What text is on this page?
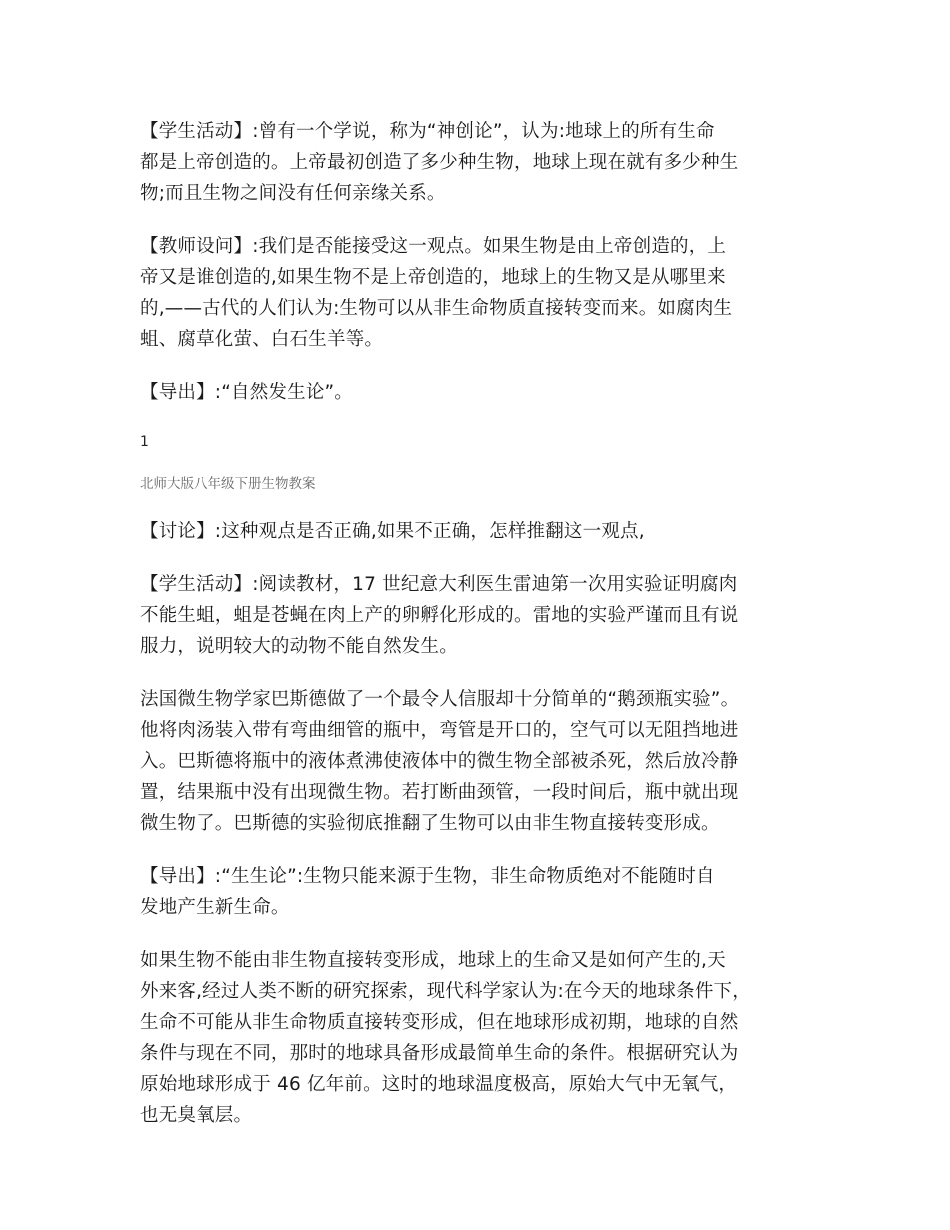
【学生活动】:曾有一个学说，称为“神创论”，认为:地球上的所有生命
都是上帝创造的。上帝最初创造了多少种生物，地球上现在就有多少种生
物;而且生物之间没有任何亲缘关系。

【教师设问】:我们是否能接受这一观点。如果生物是由上帝创造的，上
帝又是谁创造的,如果生物不是上帝创造的，地球上的生物又是从哪里来
的,——古代的人们认为:生物可以从非生命物质直接转变而来。如腐肉生
蛆、腐草化萤、白石生羊等。

【导出】:“自然发生论”。

1
北师大版八年级下册生物教案

【讨论】:这种观点是否正确,如果不正确，怎样推翻这一观点,

【学生活动】:阅读教材，17 世纪意大利医生雷迪第一次用实验证明腐肉
不能生蛆，蛆是苍蝇在肉上产的卵孵化形成的。雷地的实验严谨而且有说
服力，说明较大的动物不能自然发生。

法国微生物学家巴斯德做了一个最令人信服却十分简单的“鹅颈瓶实验”。
他将肉汤装入带有弯曲细管的瓶中，弯管是开口的，空气可以无阻挡地进
入。巴斯德将瓶中的液体煮沸使液体中的微生物全部被杀死，然后放冷静
置，结果瓶中没有出现微生物。若打断曲颈管，一段时间后，瓶中就出现
微生物了。巴斯德的实验彻底推翻了生物可以由非生物直接转变形成。

【导出】:“生生论”:生物只能来源于生物，非生命物质绝对不能随时自
发地产生新生命。

如果生物不能由非生物直接转变形成，地球上的生命又是如何产生的,天
外来客,经过人类不断的研究探索，现代科学家认为:在今天的地球条件下，
生命不可能从非生命物质直接转变形成，但在地球形成初期，地球的自然
条件与现在不同，那时的地球具备形成最简单生命的条件。根据研究认为
原始地球形成于 46 亿年前。这时的地球温度极高，原始大气中无氧气，
也无臭氧层。
